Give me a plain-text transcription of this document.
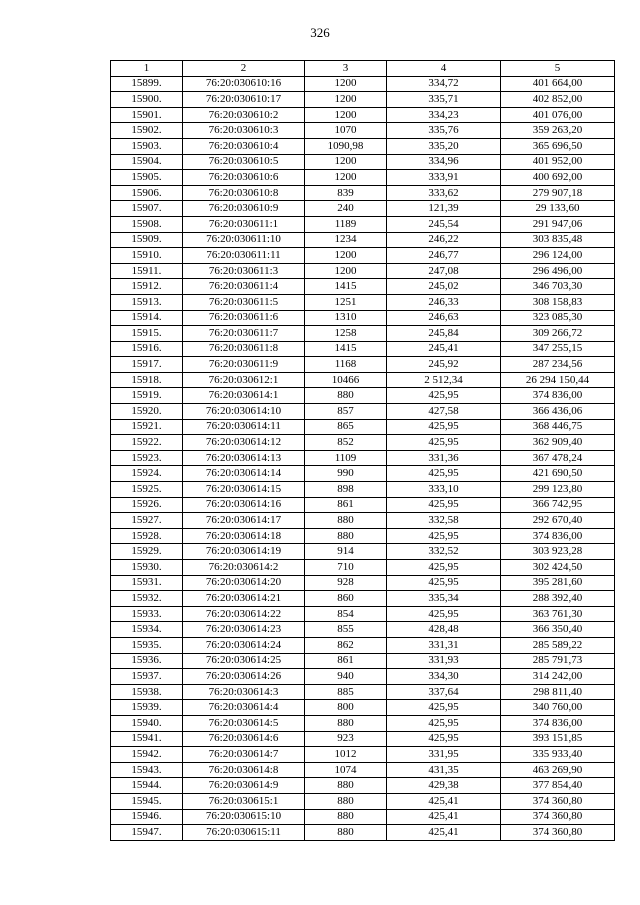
326
1	2	3	4	5
15899.	76:20:030610:16	1200	334,72	401 664,00
15900.	76:20:030610:17	1200	335,71	402 852,00
15901.	76:20:030610:2	1200	334,23	401 076,00
15902.	76:20:030610:3	1070	335,76	359 263,20
15903.	76:20:030610:4	1090,98	335,20	365 696,50
15904.	76:20:030610:5	1200	334,96	401 952,00
15905.	76:20:030610:6	1200	333,91	400 692,00
15906.	76:20:030610:8	839	333,62	279 907,18
15907.	76:20:030610:9	240	121,39	29 133,60
15908.	76:20:030611:1	1189	245,54	291 947,06
15909.	76:20:030611:10	1234	246,22	303 835,48
15910.	76:20:030611:11	1200	246,77	296 124,00
15911.	76:20:030611:3	1200	247,08	296 496,00
15912.	76:20:030611:4	1415	245,02	346 703,30
15913.	76:20:030611:5	1251	246,33	308 158,83
15914.	76:20:030611:6	1310	246,63	323 085,30
15915.	76:20:030611:7	1258	245,84	309 266,72
15916.	76:20:030611:8	1415	245,41	347 255,15
15917.	76:20:030611:9	1168	245,92	287 234,56
15918.	76:20:030612:1	10466	2 512,34	26 294 150,44
15919.	76:20:030614:1	880	425,95	374 836,00
15920.	76:20:030614:10	857	427,58	366 436,06
15921.	76:20:030614:11	865	425,95	368 446,75
15922.	76:20:030614:12	852	425,95	362 909,40
15923.	76:20:030614:13	1109	331,36	367 478,24
15924.	76:20:030614:14	990	425,95	421 690,50
15925.	76:20:030614:15	898	333,10	299 123,80
15926.	76:20:030614:16	861	425,95	366 742,95
15927.	76:20:030614:17	880	332,58	292 670,40
15928.	76:20:030614:18	880	425,95	374 836,00
15929.	76:20:030614:19	914	332,52	303 923,28
15930.	76:20:030614:2	710	425,95	302 424,50
15931.	76:20:030614:20	928	425,95	395 281,60
15932.	76:20:030614:21	860	335,34	288 392,40
15933.	76:20:030614:22	854	425,95	363 761,30
15934.	76:20:030614:23	855	428,48	366 350,40
15935.	76:20:030614:24	862	331,31	285 589,22
15936.	76:20:030614:25	861	331,93	285 791,73
15937.	76:20:030614:26	940	334,30	314 242,00
15938.	76:20:030614:3	885	337,64	298 811,40
15939.	76:20:030614:4	800	425,95	340 760,00
15940.	76:20:030614:5	880	425,95	374 836,00
15941.	76:20:030614:6	923	425,95	393 151,85
15942.	76:20:030614:7	1012	331,95	335 933,40
15943.	76:20:030614:8	1074	431,35	463 269,90
15944.	76:20:030614:9	880	429,38	377 854,40
15945.	76:20:030615:1	880	425,41	374 360,80
15946.	76:20:030615:10	880	425,41	374 360,80
15947.	76:20:030615:11	880	425,41	374 360,80
